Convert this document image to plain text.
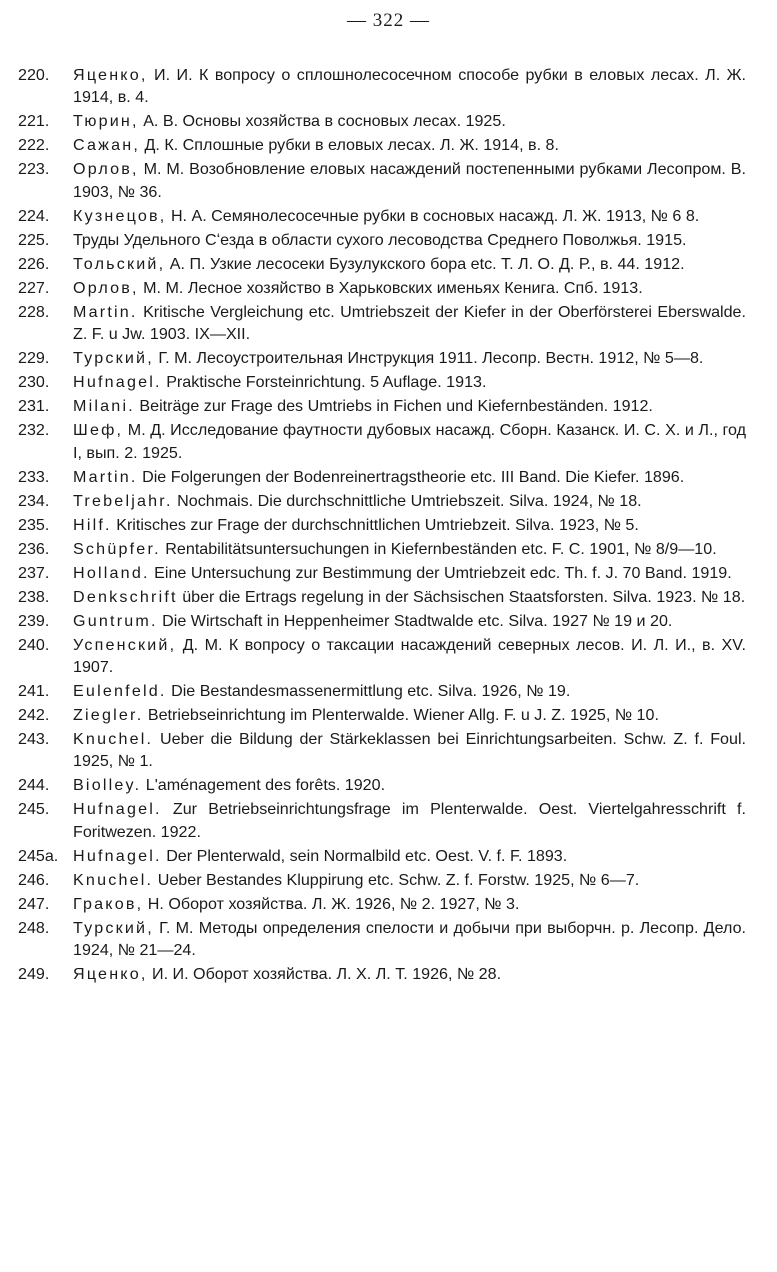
— 322 —
220.	Яценко, И. И. К вопросу о сплошнолесосечном способе рубки в еловых лесах. Л. Ж. 1914, в. 4.
221.	Тюрин, А. В. Основы хозяйства в сосновых лесах. 1925.
222.	Сажан, Д. К. Сплошные рубки в еловых лесах. Л. Ж. 1914, в. 8.
223.	Орлов, М. М. Возобновление еловых насаждений постепенными рубками Лесопром. В. 1903, № 36.
224.	Кузнецов, Н. А. Семянолесосечные рубки в сосновых насажд. Л. Ж. 1913, № 6 8.
225.	Труды Удельного Сʻезда в области сухого лесоводства Среднего Поволжья. 1915.
226.	Тольский, А. П. Узкие лесосеки Бузулукского бора etc. Т. Л. О. Д. Р., в. 44. 1912.
227.	Орлов, М. М. Лесное хозяйство в Харьковских именьях Кенига. Спб. 1913.
228.	Martin. Kritische Vergleichung etc. Umtriebszeit der Kiefer in der Oberförsterei Eberswalde. Z. F. u Jw. 1903. IX—XII.
229.	Турский, Г. М. Лесоустроительная Инструкция 1911. Лесопр. Вестн. 1912, № 5—8.
230.	Hufnagel. Praktische Forsteinrichtung. 5 Auflage. 1913.
231.	Milani. Beiträge zur Frage des Umtriebs in Fichen und Kiefernbeständen. 1912.
232.	Шеф, М. Д. Исследование фаутности дубовых насажд. Сборн. Казанск. И. С. Х. и Л., год I, вып. 2. 1925.
233.	Martin. Die Folgerungen der Bodenreinertragstheorie etc. III Band. Die Kiefer. 1896.
234.	Trebeljahr. Nochmais. Die durchschnittliche Umtriebszeit. Silva. 1924, № 18.
235.	Hilf. Kritisches zur Frage der durchschnittlichen Umtriebzeit. Silva. 1923, № 5.
236.	Schüpfer. Rentabilitätsuntersuchungen in Kiefernbeständen etc. F. C. 1901, № 8/9—10.
237.	Holland. Eine Untersuchung zur Bestimmung der Umtriebzeit edc. Th. f. J. 70 Band. 1919.
238.	Denkschrift über die Ertrags regelung in der Sächsischen Staatsforsten. Silva. 1923. № 18.
239.	Guntrum. Die Wirtschaft in Heppenheimer Stadtwalde etc. Silva. 1927 № 19 и 20.
240.	Успенский, Д. М. К вопросу о таксации насаждений северных лесов. И. Л. И., в. XV. 1907.
241.	Eulenfeld. Die Bestandesmassenermittlung etc. Silva. 1926, № 19.
242.	Ziegler. Betriebseinrichtung im Plenterwalde. Wiener Allg. F. u J. Z. 1925, № 10.
243.	Knuchel. Ueber die Bildung der Stärkeklassen bei Einrichtungsarbeiten. Schw. Z. f. Foul. 1925, № 1.
244.	Biolley. L'aménagement des forêts. 1920.
245.	Hufnagel. Zur Betriebseinrichtungsfrage im Plenterwalde. Oest. Viertelgahresschrift f. Foritwezen. 1922.
245a. Hufnagel. Der Plenterwald, sein Normalbild etc. Oest. V. f. F. 1893.
246.	Knuchel. Ueber Bestandes Kluppirung etc. Schw. Z. f. Forstw. 1925, № 6—7.
247.	Граков, Н. Оборот хозяйства. Л. Ж. 1926, № 2. 1927, № 3.
248.	Турский, Г. М. Методы определения спелости и добычи при выборчн. р. Лесопр. Дело. 1924, № 21—24.
249.	Яценко, И. И. Оборот хозяйства. Л. Х. Л. Т. 1926, № 28.
